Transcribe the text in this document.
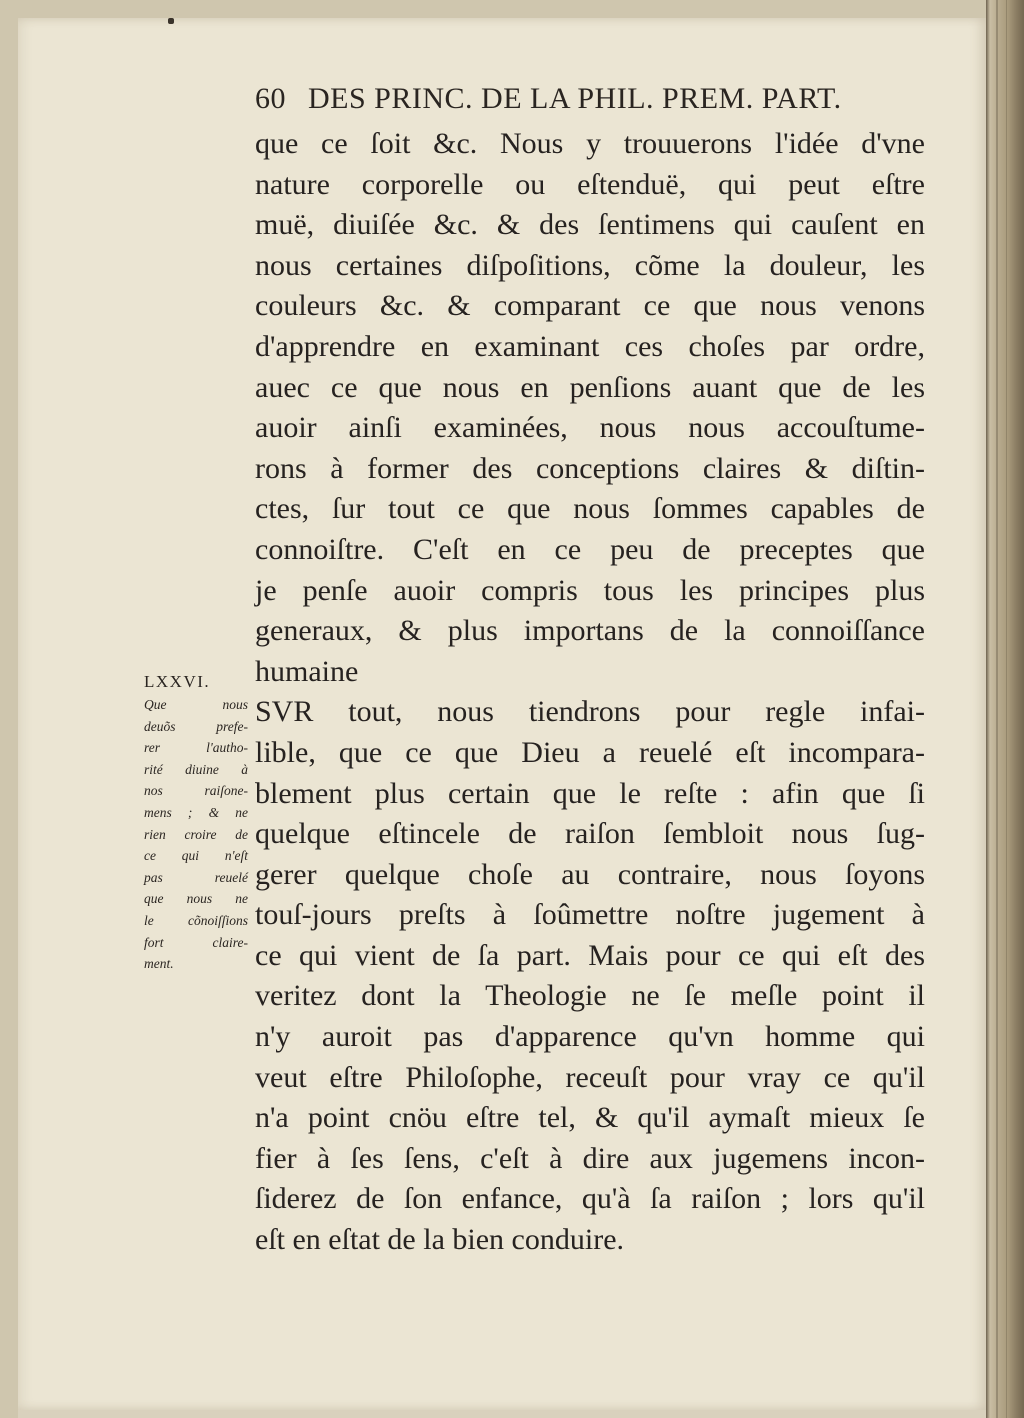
60 DES PRINC. DE LA PHIL. PREM. PART.
que ce ſoit &c. Nous y trouuerons l'idée d'vne
nature corporelle ou eſtenduë, qui peut eſtre
muë, diuiſée &c. & des ſentimens qui cauſent en
nous certaines diſpoſitions, cõme la douleur, les
couleurs &c. & comparant ce que nous venons
d'apprendre en examinant ces choſes par ordre,
auec ce que nous en penſions auant que de les
auoir ainſi examinées, nous nous accouſtume-
rons à former des conceptions claires & diſtin-
ctes, ſur tout ce que nous ſommes capables de
connoiſtre. C'eſt en ce peu de preceptes que
je penſe auoir compris tous les principes plus
generaux, & plus importans de la connoiſſance
humaine
SVR tout, nous tiendrons pour regle infai-
lible, que ce que Dieu a reuelé eſt incompara-
blement plus certain que le reſte : afin que ſi
quelque eſtincele de raiſon ſembloit nous ſug-
gerer quelque choſe au contraire, nous ſoyons
touſ-jours preſts à ſoûmettre noſtre jugement à
ce qui vient de ſa part. Mais pour ce qui eſt des
veritez dont la Theologie ne ſe meſle point il
n'y auroit pas d'apparence qu'vn homme qui
veut eſtre Philoſophe, receuſt pour vray ce qu'il
n'a point cnöu eſtre tel, & qu'il aymaſt mieux ſe
fier à ſes ſens, c'eſt à dire aux jugemens incon-
ſiderez de ſon enfance, qu'à ſa raiſon ; lors qu'il
eſt en eſtat de la bien conduire.
LXXVI.
Que nous
deuõs prefe-
rer l'autho-
rité diuine à
nos raiſone-
mens ; & ne
rien croire de
ce qui n'eſt
pas reuelé
que nous ne
le cõnoiſſions
fort claire-
ment.
